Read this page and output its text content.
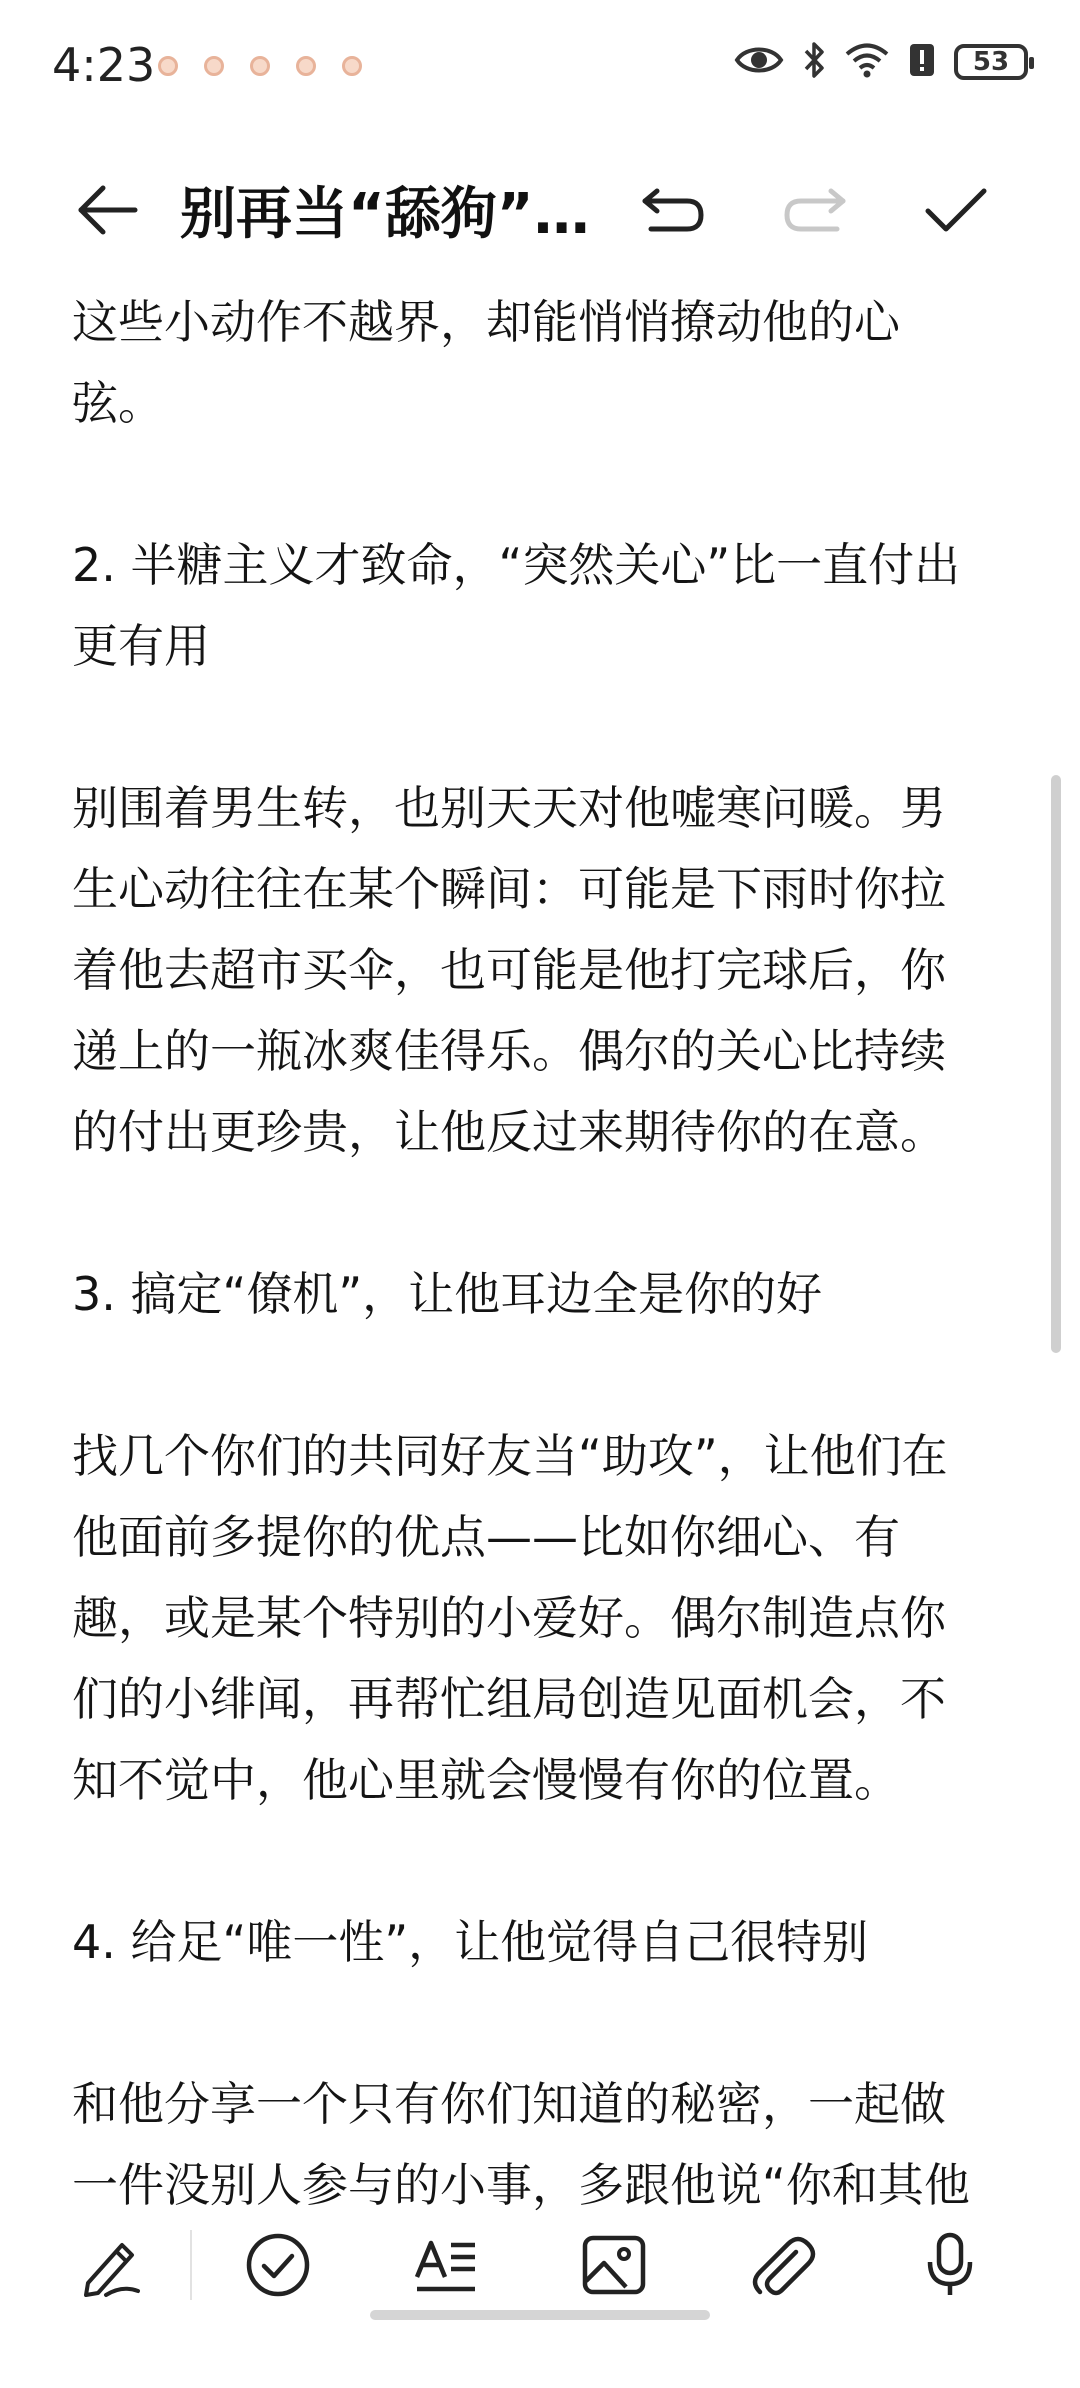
4:23	53
别再当“舔狗”…

这些小动作不越界，却能悄悄撩动他的心
弦。

2. 半糖主义才致命，“突然关心”比一直付出
更有用

别围着男生转，也别天天对他嘘寒问暖。男
生心动往往在某个瞬间：可能是下雨时你拉
着他去超市买伞，也可能是他打完球后，你
递上的一瓶冰爽佳得乐。偶尔的关心比持续
的付出更珍贵，让他反过来期待你的在意。

3. 搞定“僚机”，让他耳边全是你的好

找几个你们的共同好友当“助攻”，让他们在
他面前多提你的优点——比如你细心、有
趣，或是某个特别的小爱好。偶尔制造点你
们的小绯闻，再帮忙组局创造见面机会，不
知不觉中，他心里就会慢慢有你的位置。

4. 给足“唯一性”，让他觉得自己很特别

和他分享一个只有你们知道的秘密，一起做
一件没别人参与的小事，多跟他说“你和其他
